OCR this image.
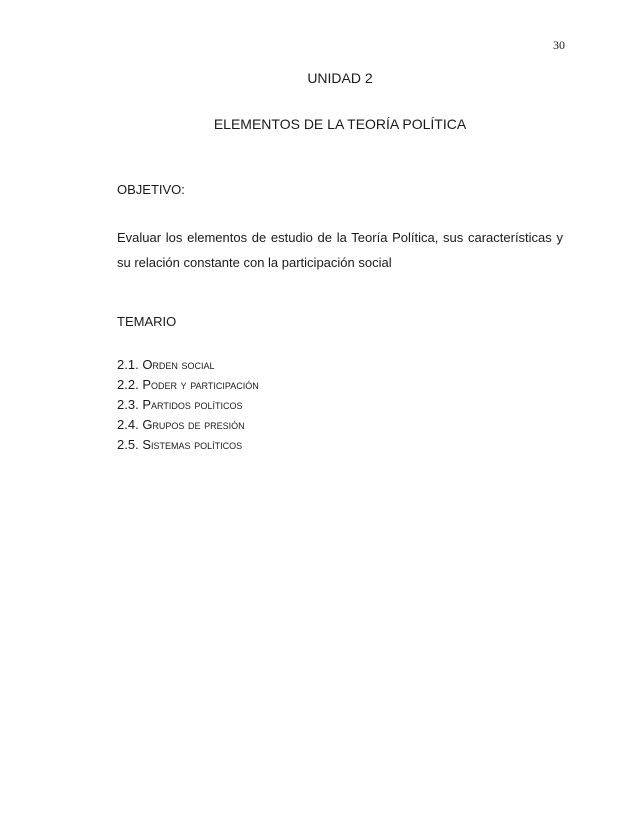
30
UNIDAD 2
ELEMENTOS DE LA TEORÍA POLÍTICA
OBJETIVO:
Evaluar los elementos de estudio de la Teoría Política, sus características y su relación constante con la participación social
TEMARIO
2.1. Orden social
2.2. Poder y participación
2.3. Partidos políticos
2.4. Grupos de presión
2.5. Sistemas políticos
